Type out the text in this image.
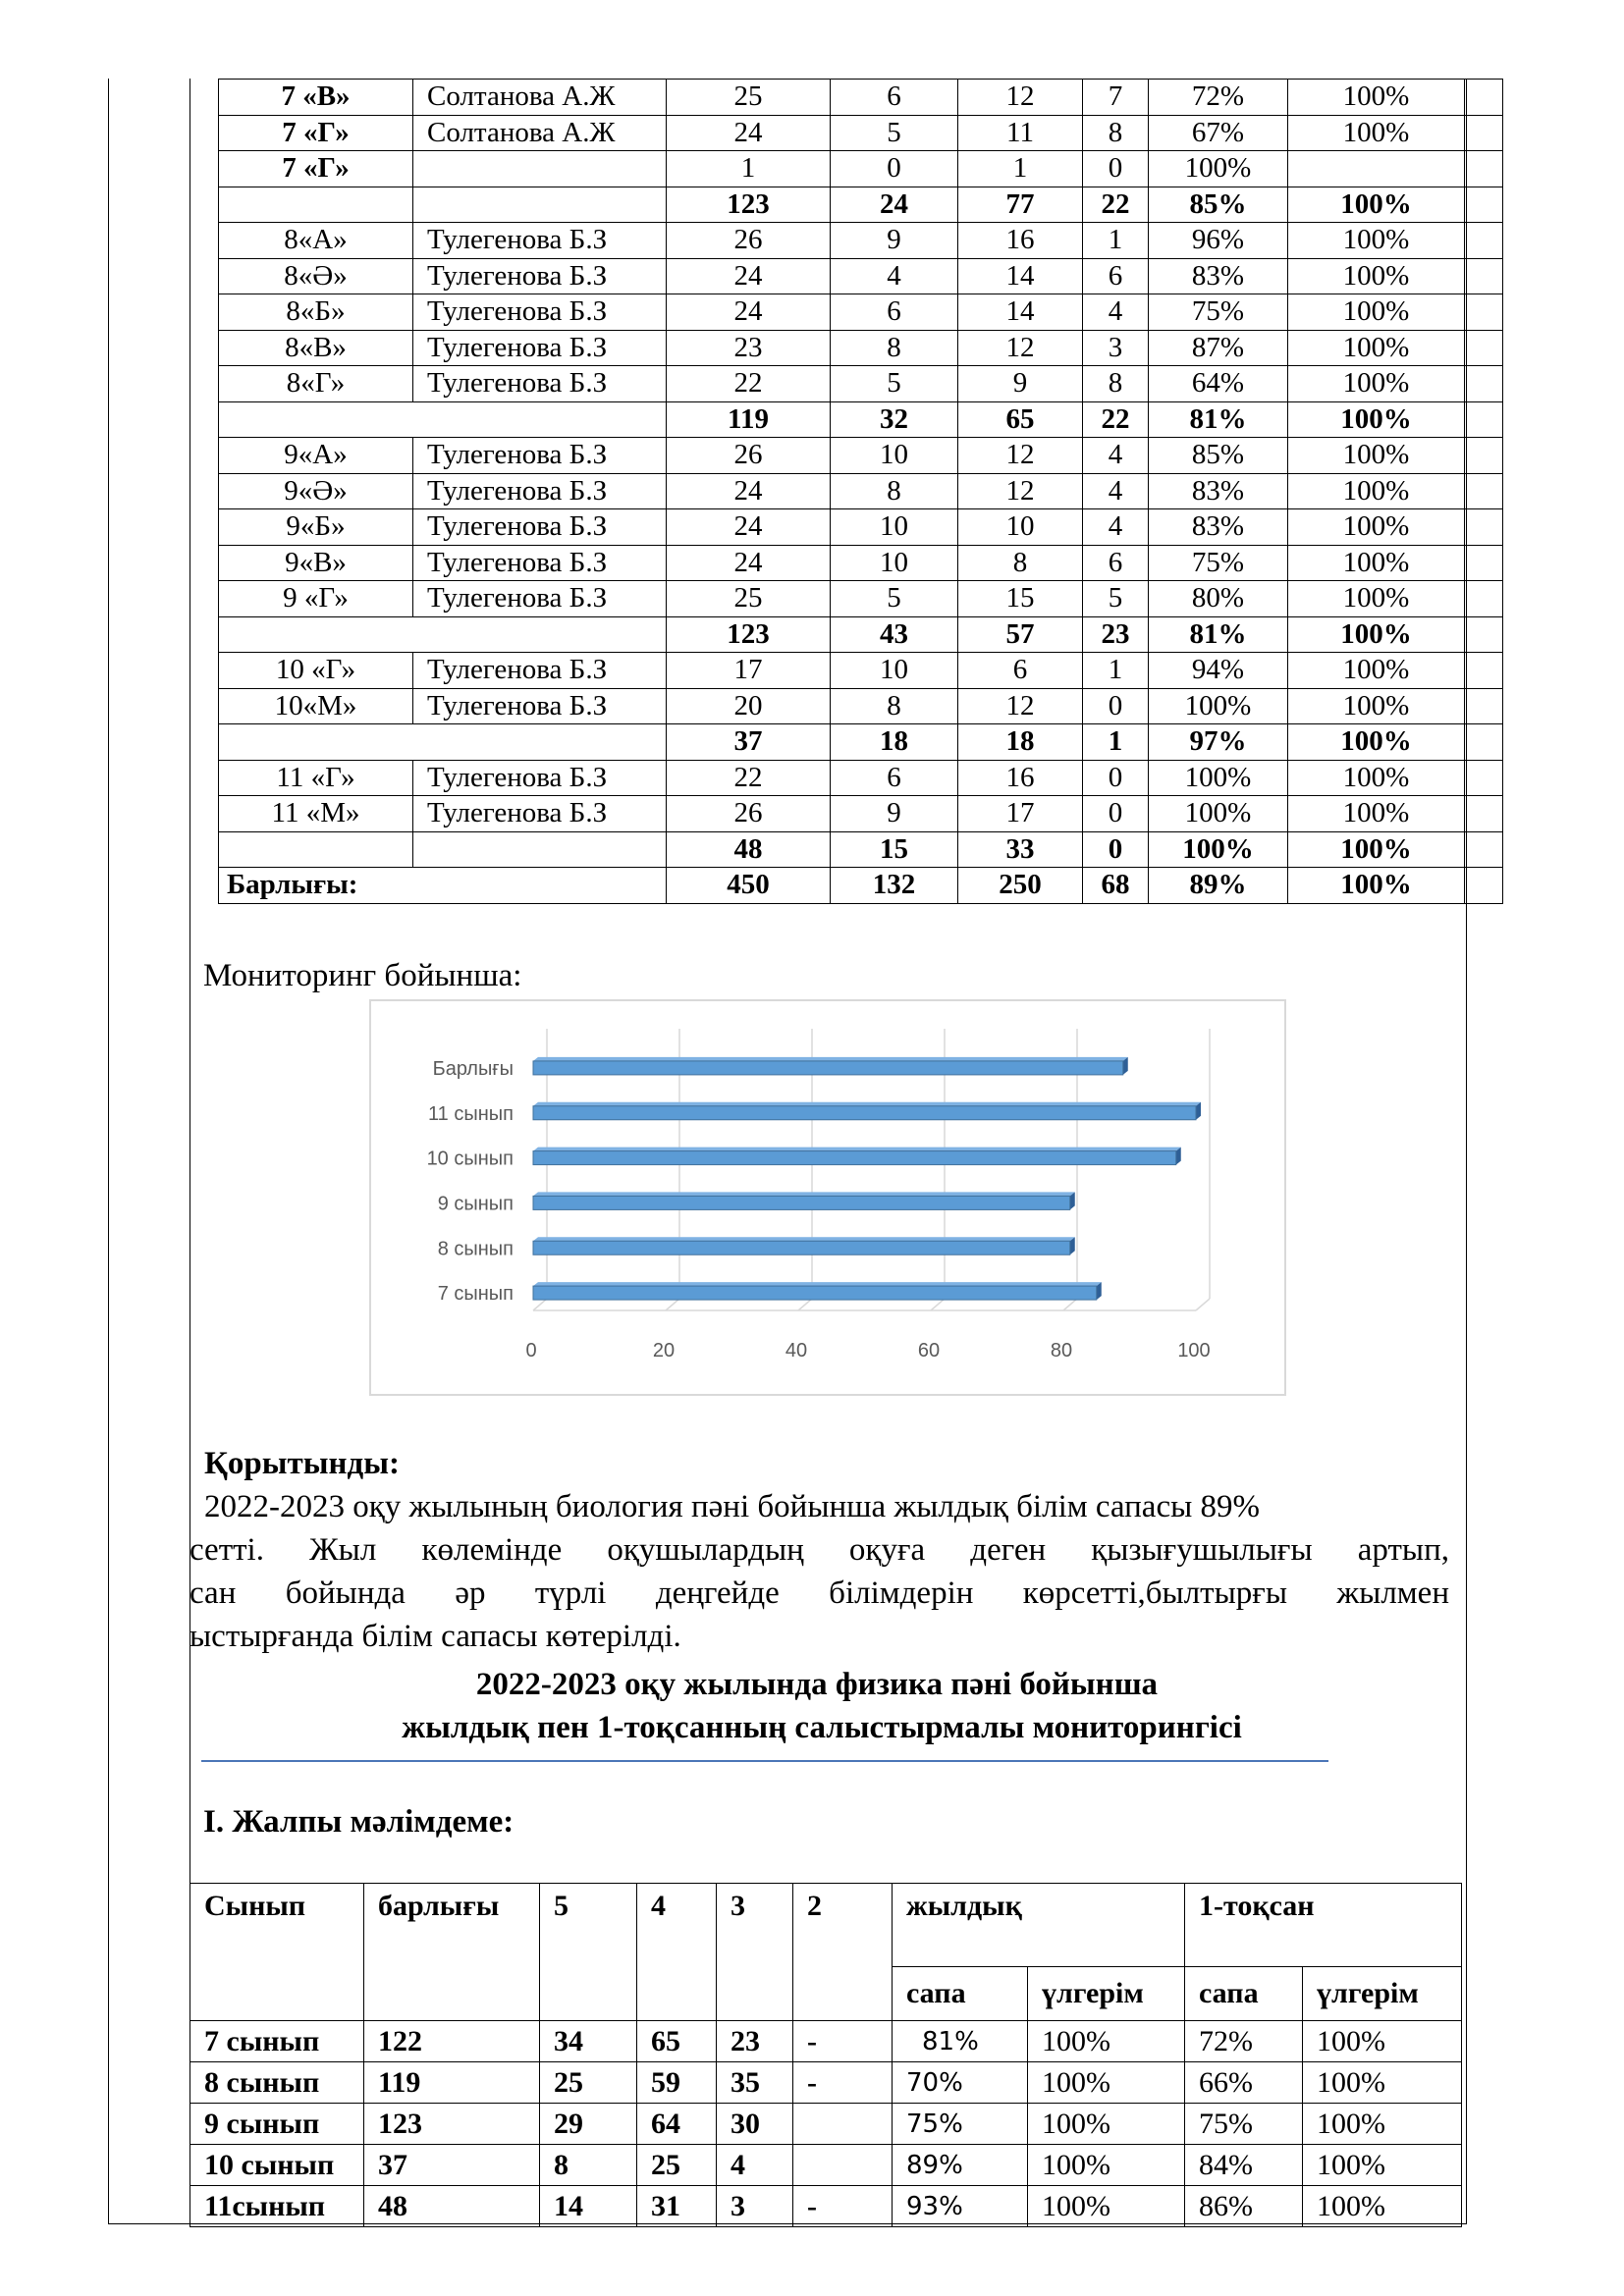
7 «В»	Солтанова А.Ж	25	6	12	7	72%	100%	
7 «Г»	Солтанова А.Ж	24	5	11	8	67%	100%	
7 «Г»		1	0	1	0	100%		
		123	24	77	22	85%	100%	
8«А»	Тулегенова Б.З	26	9	16	1	96%	100%	
8«Ә»	Тулегенова Б.З	24	4	14	6	83%	100%	
8«Б»	Тулегенова Б.З	24	6	14	4	75%	100%	
8«В»	Тулегенова Б.З	23	8	12	3	87%	100%	
8«Г»	Тулегенова Б.З	22	5	9	8	64%	100%	
		119	32	65	22	81%	100%	
9«А»	Тулегенова Б.З	26	10	12	4	85%	100%	
9«Ә»	Тулегенова Б.З	24	8	12	4	83%	100%	
9«Б»	Тулегенова Б.З	24	10	10	4	83%	100%	
9«В»	Тулегенова Б.З	24	10	8	6	75%	100%	
9 «Г»	Тулегенова Б.З	25	5	15	5	80%	100%	
		123	43	57	23	81%	100%	
10 «Г»	Тулегенова Б.З	17	10	6	1	94%	100%	
10«М»	Тулегенова Б.З	20	8	12	0	100%	100%	
		37	18	18	1	97%	100%	
11 «Г»	Тулегенова Б.З	22	6	16	0	100%	100%	
11 «М»	Тулегенова Б.З	26	9	17	0	100%	100%	
		48	15	33	0	100%	100%	
Барлығы:		450	132	250	68	89%	100%	
Мониторинг бойынша:
0	20	40	60	80	100
7 сынып
8 сынып
9 сынып
10 сынып
11 сынып
Барлығы
Қорытынды:
2022-2023 оқу жылының биология пәні бойынша жылдық білім сапасы 89%
сетті. Жыл көлемінде оқушылардың оқуға деген қызығушылығы артып,
сан бойында әр түрлі деңгейде білімдерін көрсетті,былтырғы жылмен
ыстырғанда білім сапасы көтерілді.
2022-2023 оқу жылында физика пәні бойынша
жылдық пен 1-тоқсанның салыстырмалы мониторингісі
І. Жалпы мәлімдеме:
Сынып	барлығы	5	4	3	2	жылдық		1-тоқсан	
						сапа	үлгерім	сапа	үлгерім
7 сынып	122	34	65	23	-	81%	100%	72%	100%
8 сынып	119	25	59	35	-	70%	100%	66%	100%
9 сынып	123	29	64	30		75%	100%	75%	100%
10 сынып	37	8	25	4		89%	100%	84%	100%
11сынып	48	14	31	3	-	93%	100%	86%	100%
